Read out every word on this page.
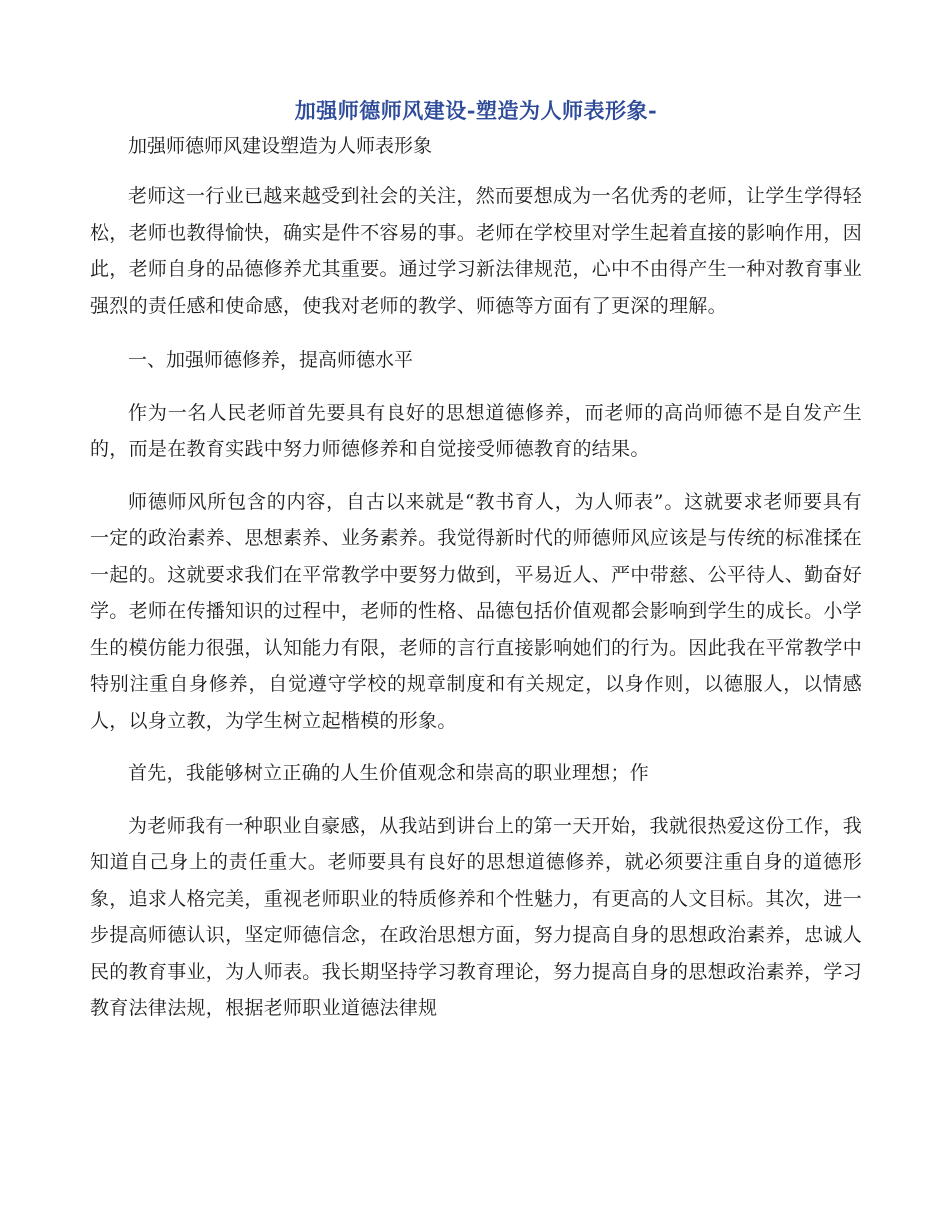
加强师德师风建设-塑造为人师表形象-

加强师德师风建设塑造为人师表形象

老师这一行业已越来越受到社会的关注，然而要想成为一名优秀的老师，让学生学得轻松，老师也教得愉快，确实是件不容易的事。老师在学校里对学生起着直接的影响作用，因此，老师自身的品德修养尤其重要。通过学习新法律规范，心中不由得产生一种对教育事业强烈的责任感和使命感，使我对老师的教学、师德等方面有了更深的理解。

一、加强师德修养，提高师德水平

作为一名人民老师首先要具有良好的思想道德修养，而老师的高尚师德不是自发产生的，而是在教育实践中努力师德修养和自觉接受师德教育的结果。

师德师风所包含的内容，自古以来就是“教书育人，为人师表”。这就要求老师要具有一定的政治素养、思想素养、业务素养。我觉得新时代的师德师风应该是与传统的标准揉在一起的。这就要求我们在平常教学中要努力做到，平易近人、严中带慈、公平待人、勤奋好学。老师在传播知识的过程中，老师的性格、品德包括价值观都会影响到学生的成长。小学生的模仿能力很强，认知能力有限，老师的言行直接影响她们的行为。因此我在平常教学中特别注重自身修养，自觉遵守学校的规章制度和有关规定，以身作则，以德服人，以情感人，以身立教，为学生树立起楷模的形象。

首先，我能够树立正确的人生价值观念和崇高的职业理想；作

为老师我有一种职业自豪感，从我站到讲台上的第一天开始，我就很热爱这份工作，我知道自己身上的责任重大。老师要具有良好的思想道德修养，就必须要注重自身的道德形象，追求人格完美，重视老师职业的特质修养和个性魅力，有更高的人文目标。其次，进一步提高师德认识，坚定师德信念，在政治思想方面，努力提高自身的思想政治素养，忠诚人民的教育事业，为人师表。我长期坚持学习教育理论，努力提高自身的思想政治素养，学习教育法律法规，根据老师职业道德法律规
